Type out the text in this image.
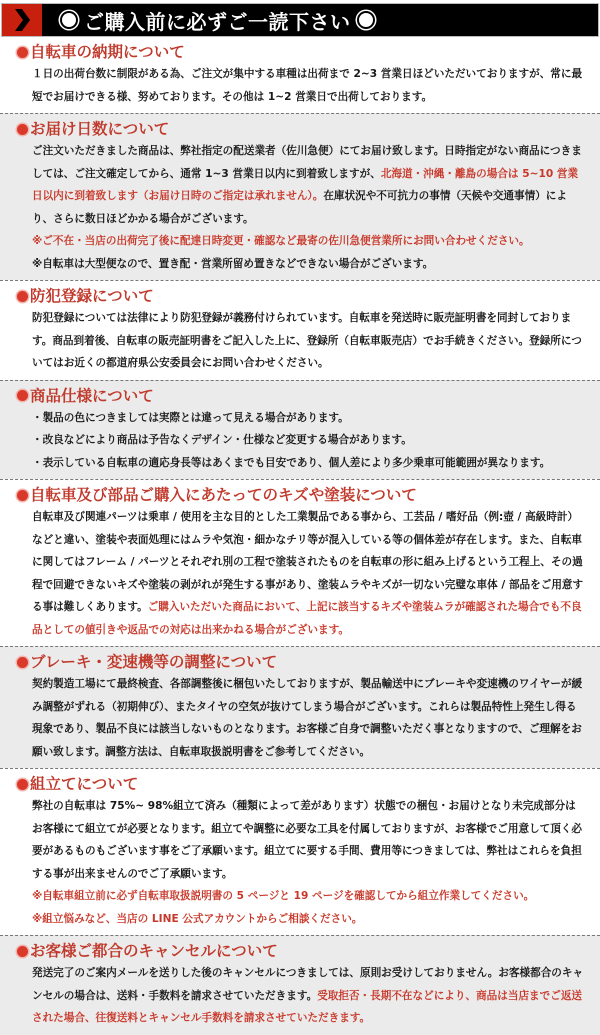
ご購入前に必ずご一読下さい
自転車の納期について

１日の出荷台数に制限がある為、ご注文が集中する車種は出荷まで 2~3 営業日ほどいただいておりますが、常に最短でお届けできる様、努めております。その他は 1~2 営業日で出荷しております。

お届け日数について

ご注文いただきました商品は、弊社指定の配送業者（佐川急便）にてお届け致します。日時指定がない商品につきましては、ご注文確定してから、通常 1~3 営業日以内に到着致しますが、北海道・沖縄・離島の場合は 5~10 営業日以内に到着致します（お届け日時のご指定は承れません）。在庫状況や不可抗力の事情（天候や交通事情）により、さらに数日ほどかかる場合がございます。

※ご不在・当店の出荷完了後に配達日時変更・確認など最寄の佐川急便営業所にお問い合わせください。

※自転車は大型便なので、置き配・営業所留め置きなどできない場合がございます。

防犯登録について

防犯登録については法律により防犯登録が義務付けられています。自転車を発送時に販売証明書を同封しております。商品到着後、自転車の販売証明書をご記入した上に、登録所（自転車販売店）でお手続きください。登録所についてはお近くの都道府県公安委員会にお問い合わせください。

商品仕様について

・製品の色につきましては実際とは違って見える場合があります。

・改良などにより商品は予告なくデザイン・仕様など変更する場合があります。

・表示している自転車の適応身長等はあくまでも目安であり、個人差により多少乗車可能範囲が異なります。

自転車及び部品ご購入にあたってのキズや塗装について

自転車及び関連パーツは乗車 / 使用を主な目的とした工業製品である事から、工芸品 / 嗜好品（例:壺 / 高級時計）などと違い、塗装や表面処理にはムラや気泡・細かなチリ等が混入している等の個体差が存在します。また、自転車に関してはフレーム / パーツとそれぞれ別の工程で塗装されたものを自転車の形に組み上げるという工程上、その過程で回避できないキズや塗装の剥がれが発生する事があり、塗装ムラやキズが一切ない完璧な車体 / 部品をご用意する事は難しくあります。ご購入いただいた商品において、上記に該当するキズや塗装ムラが確認された場合でも不良品としての値引きや返品での対応は出来かねる場合がございます。

ブレーキ・変速機等の調整について

契約製造工場にて最終検査、各部調整後に梱包いたしておりますが、製品輸送中にブレーキや変速機のワイヤーが緩み調整がずれる（初期伸び）、またタイヤの空気が抜けてしまう場合がございます。これらは製品特性上発生し得る現象であり、製品不良には該当しないものとなります。お客様ご自身で調整いただく事となりますので、ご理解をお願い致します。調整方法は、自転車取扱説明書をご参考してください。

組立てについて

弊社の自転車は 75%~ 98%組立て済み（種類によって差があります）状態での梱包・お届けとなり未完成部分はお客様にて組立てが必要となります。組立てや調整に必要な工具を付属しておりますが、お客様でご用意して頂く必要があるものもございます事をご了承願います。組立てに要する手間、費用等につきましては、弊社はこれらを負担する事が出来ませんのでご了承願います。

※自転車組立前に必ず自転車取扱説明書の 5 ページと 19 ページを確認してから組立作業してください。

※組立悩みなど、当店の LINE 公式アカウントからご相談ください。

お客様ご都合のキャンセルについて

発送完了のご案内メールを送りした後のキャンセルにつきましては、原則お受けしておりません。お客様都合のキャンセルの場合は、送料・手数料を請求させていただきます。受取拒否・長期不在などにより、商品は当店までご返送された場合、往復送料とキャンセル手数料を請求させていただきます。
